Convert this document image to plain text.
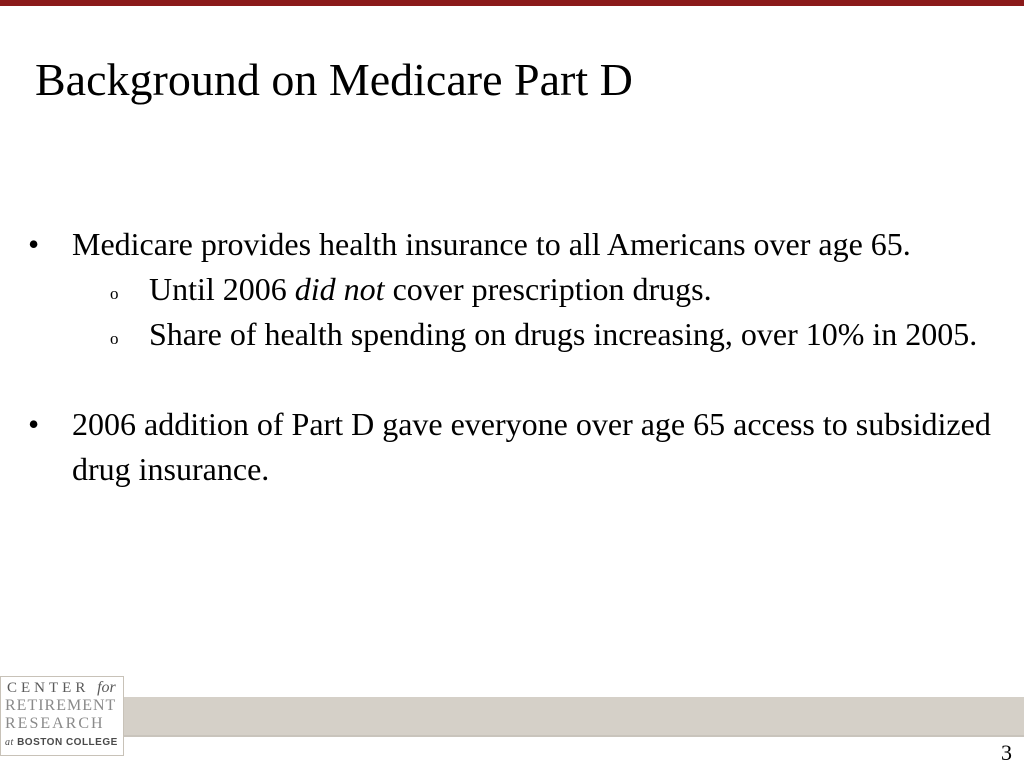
Background on Medicare Part D
•	Medicare provides health insurance to all Americans over age 65.
o Until 2006 did not cover prescription drugs.
o Share of health spending on drugs increasing, over 10% in 2005.
•	2006 addition of Part D gave everyone over age 65 access to subsidized drug insurance.
CENTER for
RETIREMENT
RESEARCH
at BOSTON COLLEGE	3
